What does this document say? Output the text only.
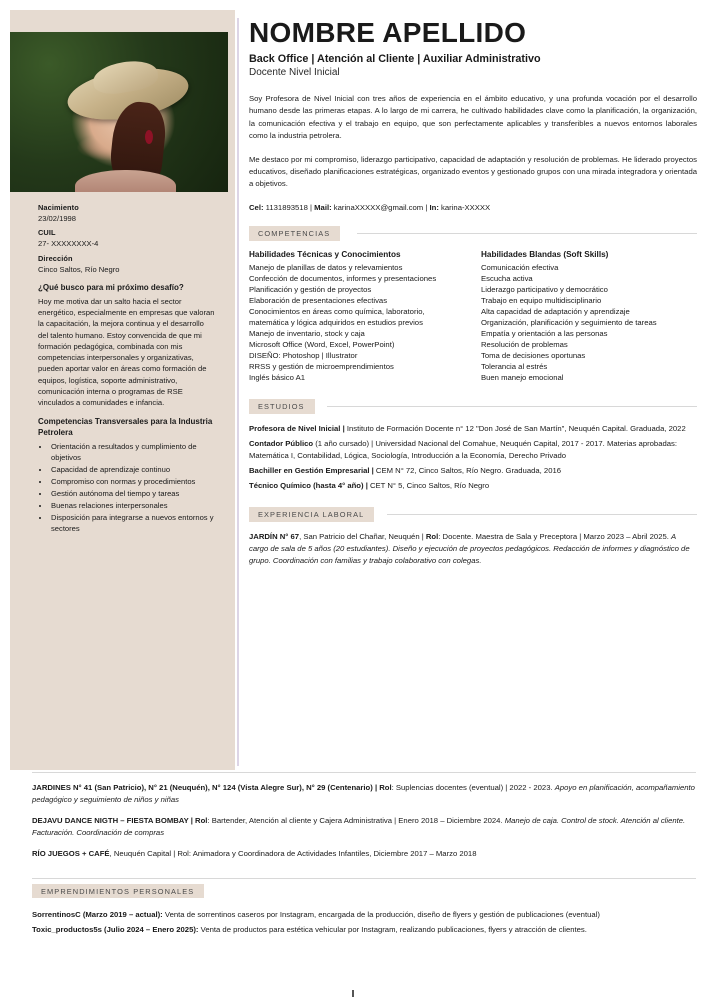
Nacimiento

23/02/1998

CUIL

27- XXXXXXXX-4

Dirección

Cinco Saltos, Río Negro

¿Qué busco para mi próximo desafío?

Hoy me motiva dar un salto hacia el sector energético, especialmente en empresas que valoran la capacitación, la mejora continua y el desarrollo del talento humano. Estoy convencida de que mi formación pedagógica, combinada con mis competencias interpersonales y organizativas, pueden aportar valor en áreas como formación de equipos, logística, soporte administrativo, comunicación interna o programas de RSE vinculados a comunidades e infancia.

Competencias Transversales para la Industria Petrolera

• Orientación a resultados y cumplimiento de objetivos
• Capacidad de aprendizaje continuo
• Compromiso con normas y procedimientos
• Gestión autónoma del tiempo y tareas
• Buenas relaciones interpersonales
• Disposición para integrarse a nuevos entornos y sectores
NOMBRE APELLIDO

Back Office | Atención al Cliente | Auxiliar Administrativo

Docente Nivel Inicial

Soy Profesora de Nivel Inicial con tres años de experiencia en el ámbito educativo, y una profunda vocación por el desarrollo humano desde las primeras etapas. A lo largo de mi carrera, he cultivado habilidades clave como la planificación, la organización, la comunicación efectiva y el trabajo en equipo, que son perfectamente aplicables y transferibles a nuevos entornos laborales como la industria petrolera.

Me destaco por mi compromiso, liderazgo participativo, capacidad de adaptación y resolución de problemas. He liderado proyectos educativos, diseñado planificaciones estratégicas, organizado eventos y gestionado grupos con una mirada integradora y orientada a objetivos.

Cel: 1131893518 | Mail: karinaXXXXX@gmail.com | In: karina-XXXXX

COMPETENCIAS

Habilidades Técnicas y Conocimientos

Manejo de planillas de datos y relevamientos

Confección de documentos, informes y presentaciones

Planificación y gestión de proyectos

Elaboración de presentaciones efectivas

Conocimientos en áreas como química, laboratorio, matemática y lógica adquiridos en estudios previos

Manejo de inventario, stock y caja

Microsoft Office (Word, Excel, PowerPoint)

DISEÑO: Photoshop | Illustrator

RRSS y gestión de microemprendimientos

Inglés básico A1

Habilidades Blandas (Soft Skills)

Comunicación efectiva

Escucha activa

Liderazgo participativo y democrático

Trabajo en equipo multidisciplinario

Alta capacidad de adaptación y aprendizaje

Organización, planificación y seguimiento de tareas

Empatía y orientación a las personas

Resolución de problemas

Toma de decisiones oportunas

Tolerancia al estrés

Buen manejo emocional

ESTUDIOS

Profesora de Nivel Inicial | Instituto de Formación Docente n° 12 "Don José de San Martín", Neuquén Capital. Graduada, 2022

Contador Público (1 año cursado) | Universidad Nacional del Comahue, Neuquén Capital, 2017 - 2017. Materias aprobadas: Matemática I, Contabilidad, Lógica, Sociología, Introducción a la Economía, Derecho Privado

Bachiller en Gestión Empresarial | CEM N° 72, Cinco Saltos, Río Negro. Graduada, 2016

Técnico Químico (hasta 4° año) | CET N° 5, Cinco Saltos, Río Negro

EXPERIENCIA LABORAL

JARDÍN N° 67, San Patricio del Chañar, Neuquén | Rol: Docente. Maestra de Sala y Preceptora | Marzo 2023 – Abril 2025. A cargo de sala de 5 años (20 estudiantes). Diseño y ejecución de proyectos pedagógicos. Redacción de informes y diagnóstico de grupo. Coordinación con familias y trabajo colaborativo con colegas.

JARDINES N° 41 (San Patricio), N° 21 (Neuquén), N° 124 (Vista Alegre Sur), N° 29 (Centenario) | Rol: Suplencias docentes (eventual) | 2022 - 2023. Apoyo en planificación, acompañamiento pedagógico y seguimiento de niños y niñas

DEJAVU DANCE NIGTH – FIESTA BOMBAY | Rol: Bartender, Atención al cliente y Cajera Administrativa | Enero 2018 – Diciembre 2024. Manejo de caja. Control de stock. Atención al cliente. Facturación. Coordinación de compras

RÍO JUEGOS + CAFÉ, Neuquén Capital | Rol: Animadora y Coordinadora de Actividades Infantiles, Diciembre 2017 – Marzo 2018

EMPRENDIMIENTOS PERSONALES

SorrentinosC (Marzo 2019 – actual): Venta de sorrentinos caseros por Instagram, encargada de la producción, diseño de flyers y gestión de publicaciones (eventual)

Toxic_productos5s (Julio 2024 – Enero 2025): Venta de productos para estética vehicular por Instagram, realizando publicaciones, flyers y atracción de clientes.
